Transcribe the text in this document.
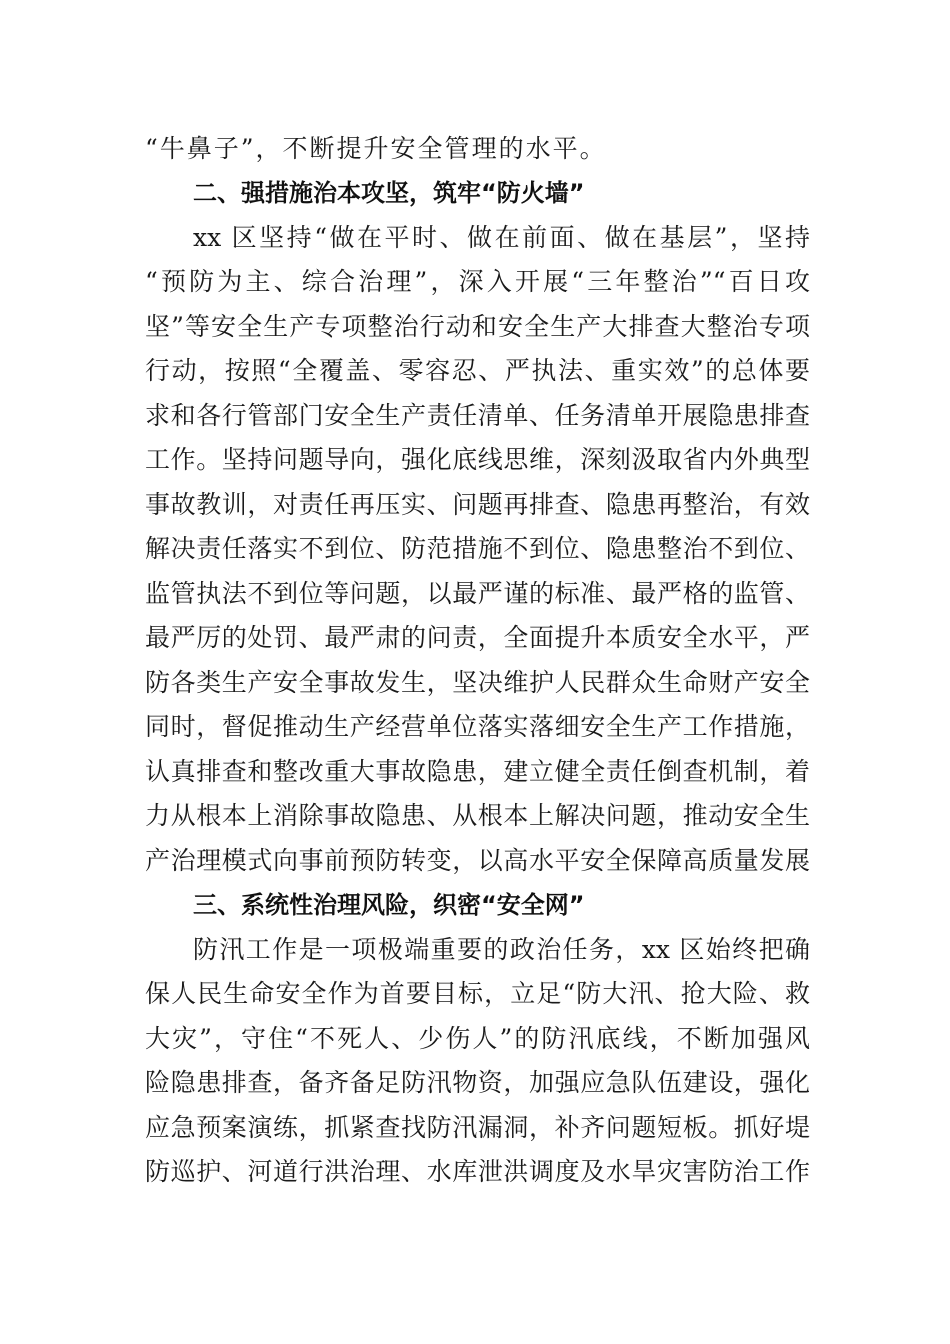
“牛鼻子”，不断提升安全管理的水平。
二、强措施治本攻坚，筑牢“防火墙”
xx 区坚持“做在平时、做在前面、做在基层”，坚持
“预防为主、综合治理”，深入开展“三年整治”“百日攻
坚”等安全生产专项整治行动和安全生产大排查大整治专项
行动，按照“全覆盖、零容忍、严执法、重实效”的总体要
求和各行管部门安全生产责任清单、任务清单开展隐患排查
工作。坚持问题导向，强化底线思维，深刻汲取省内外典型
事故教训，对责任再压实、问题再排查、隐患再整治，有效
解决责任落实不到位、防范措施不到位、隐患整治不到位、
监管执法不到位等问题，以最严谨的标准、最严格的监管、
最严厉的处罚、最严肃的问责，全面提升本质安全水平，严
防各类生产安全事故发生，坚决维护人民群众生命财产安全
同时，督促推动生产经营单位落实落细安全生产工作措施，
认真排查和整改重大事故隐患，建立健全责任倒查机制，着
力从根本上消除事故隐患、从根本上解决问题，推动安全生
产治理模式向事前预防转变，以高水平安全保障高质量发展
三、系统性治理风险，织密“安全网”
防汛工作是一项极端重要的政治任务，xx 区始终把确
保人民生命安全作为首要目标，立足“防大汛、抢大险、救
大灾”，守住“不死人、少伤人”的防汛底线，不断加强风
险隐患排查，备齐备足防汛物资，加强应急队伍建设，强化
应急预案演练，抓紧查找防汛漏洞，补齐问题短板。抓好堤
防巡护、河道行洪治理、水库泄洪调度及水旱灾害防治工作
